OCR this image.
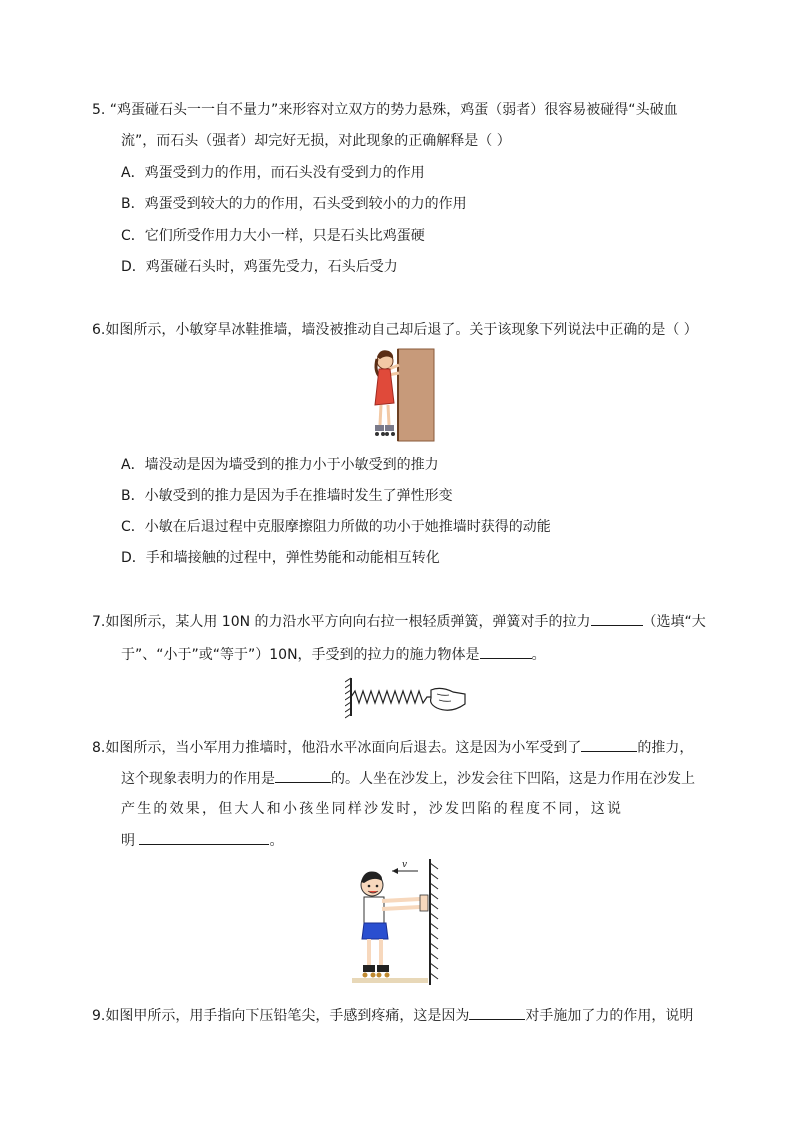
5. “鸡蛋碰石头一一自不量力”来形容对立双方的势力悬殊，鸡蛋（弱者）很容易被碰得“头破血
流”，而石头（强者）却完好无损，对此现象的正确解释是（ ）
A．鸡蛋受到力的作用，而石头没有受到力的作用
B．鸡蛋受到较大的力的作用，石头受到较小的力的作用
C．它们所受作用力大小一样，只是石头比鸡蛋硬
D．鸡蛋碰石头时，鸡蛋先受力，石头后受力
6.如图所示，小敏穿旱冰鞋推墙，墙没被推动自己却后退了。关于该现象下列说法中正确的是（ ）
A．墙没动是因为墙受到的推力小于小敏受到的推力
B．小敏受到的推力是因为手在推墙时发生了弹性形变
C．小敏在后退过程中克服摩擦阻力所做的功小于她推墙时获得的动能
D．手和墙接触的过程中，弹性势能和动能相互转化
7.如图所示，某人用 10N 的力沿水平方向向右拉一根轻质弹簧，弹簧对手的拉力	（选填“大
于”、“小于”或“等于”）10N，手受到的拉力的施力物体是	。
8.如图所示，当小军用力推墙时，他沿水平冰面向后退去。这是因为小军受到了	的推力，
这个现象表明力的作用是	的。人坐在沙发上，沙发会往下凹陷，这是力作用在沙发上
产生的效果，但大人和小孩坐同样沙发时，沙发凹陷的程度不同，这说
明	。
v
9.如图甲所示，用手指向下压铅笔尖，手感到疼痛，这是因为	对手施加了力的作用，说明
